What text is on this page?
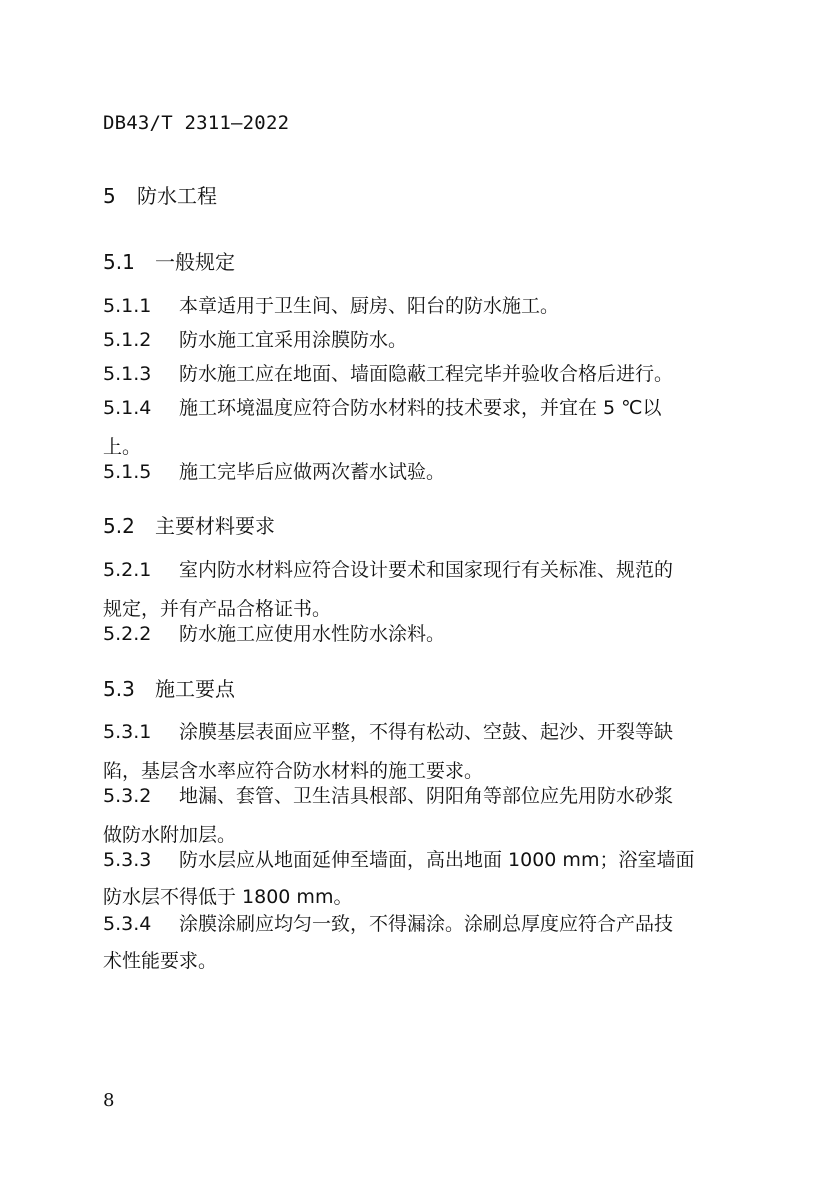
DB43/T 2311—2022
5 防水工程
5.1 一般规定
5.1.1 本章适用于卫生间、厨房、阳台的防水施工。
5.1.2 防水施工宜采用涂膜防水。
5.1.3 防水施工应在地面、墙面隐蔽工程完毕并验收合格后进行。
5.1.4 施工环境温度应符合防水材料的技术要求，并宜在 5 ℃以
上。
5.1.5 施工完毕后应做两次蓄水试验。
5.2 主要材料要求
5.2.1 室内防水材料应符合设计要术和国家现行有关标准、规范的
规定，并有产品合格证书。
5.2.2 防水施工应使用水性防水涂料。
5.3 施工要点
5.3.1 涂膜基层表面应平整，不得有松动、空鼓、起沙、开裂等缺
陷，基层含水率应符合防水材料的施工要求。
5.3.2 地漏、套管、卫生洁具根部、阴阳角等部位应先用防水砂浆
做防水附加层。
5.3.3 防水层应从地面延伸至墙面，高出地面 1000 mm；浴室墙面
防水层不得低于 1800 mm。
5.3.4 涂膜涂刷应均匀一致，不得漏涂。涂刷总厚度应符合产品技
术性能要求。
8
